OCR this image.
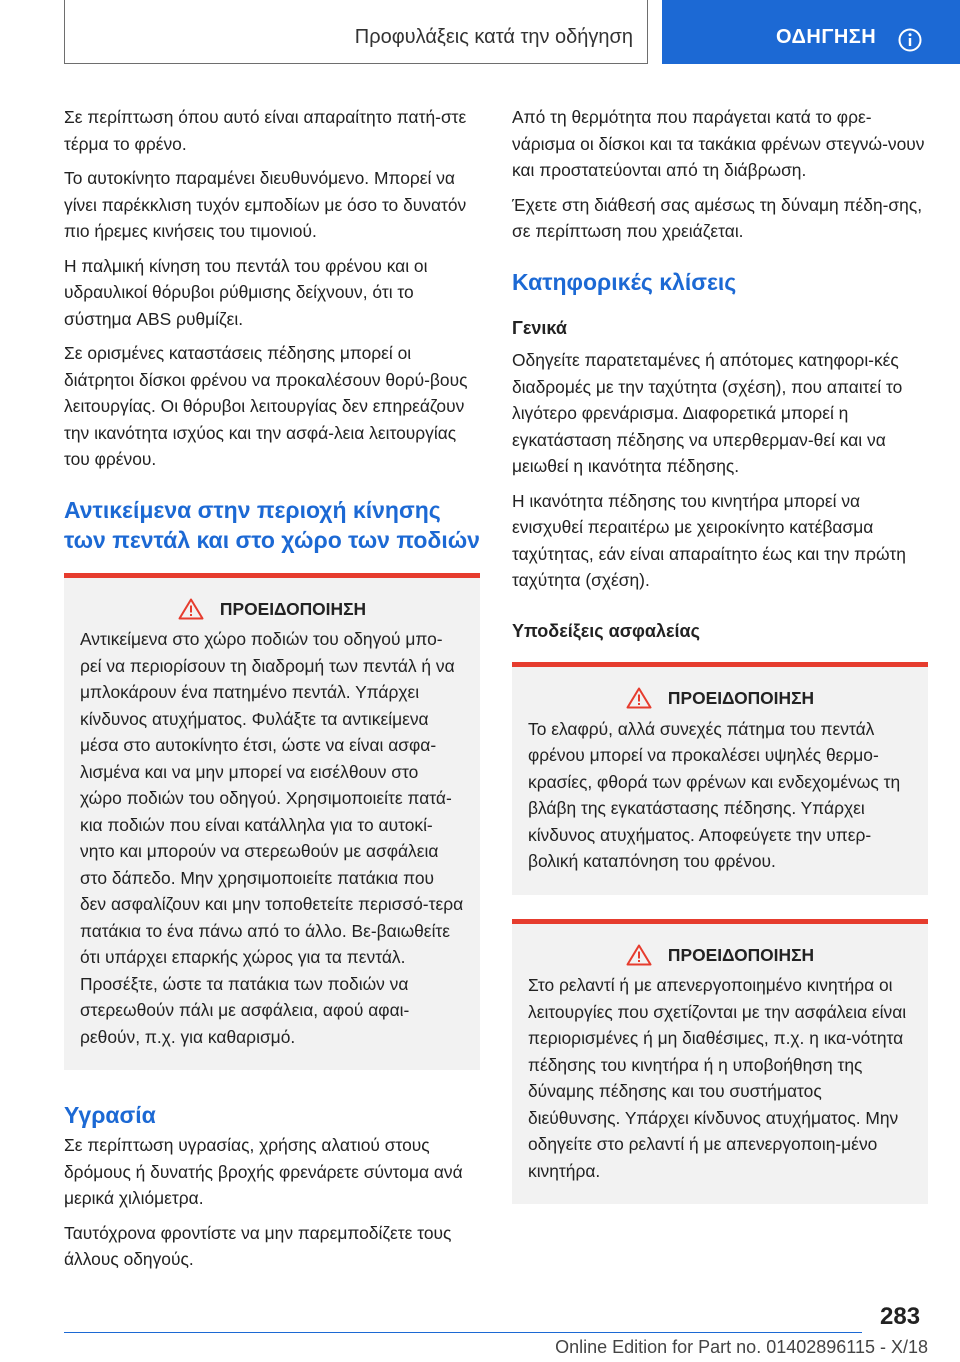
Προφυλάξεις κατά την οδήγηση	ΟΔΗΓΗΣΗ

Σε περίπτωση όπου αυτό είναι απαραίτητο πατή-στε τέρμα το φρένο.

Το αυτοκίνητο παραμένει διευθυνόμενο. Μπορεί να γίνει παρέκκλιση τυχόν εμποδίων με όσο το δυνατόν πιο ήρεμες κινήσεις του τιμονιού.

Η παλμική κίνηση του πεντάλ του φρένου και οι υδραυλικοί θόρυβοι ρύθμισης δείχνουν, ότι το σύστημα ABS ρυθμίζει.

Σε ορισμένες καταστάσεις πέδησης μπορεί οι διάτρητοι δίσκοι φρένου να προκαλέσουν θορύ-βους λειτουργίας. Οι θόρυβοι λειτουργίας δεν επηρεάζουν την ικανότητα ισχύος και την ασφά-λεια λειτουργίας του φρένου.

Αντικείμενα στην περιοχή κίνησης των πεντάλ και στο χώρο των ποδιών
ΠΡΟΕΙΔΟΠΟΙΗΣΗ

Αντικείμενα στο χώρο ποδιών του οδηγού μπο-ρεί να περιορίσουν τη διαδρομή των πεντάλ ή να μπλοκάρουν ένα πατημένο πεντάλ. Υπάρχει κίνδυνος ατυχήματος. Φυλάξτε τα αντικείμενα μέσα στο αυτοκίνητο έτσι, ώστε να είναι ασφα-λισμένα και να μην μπορεί να εισέλθουν στο χώρο ποδιών του οδηγού. Χρησιμοποιείτε πατά-κια ποδιών που είναι κατάλληλα για το αυτοκί-νητο και μπορούν να στερεωθούν με ασφάλεια στο δάπεδο. Μην χρησιμοποιείτε πατάκια που δεν ασφαλίζουν και μην τοποθετείτε περισσό-τερα πατάκια το ένα πάνω από το άλλο. Βε-βαιωθείτε ότι υπάρχει επαρκής χώρος για τα πεντάλ. Προσέξτε, ώστε τα πατάκια των ποδιών να στερεωθούν πάλι με ασφάλεια, αφού αφαι-ρεθούν, π.χ. για καθαρισμό.

Υγρασία

Σε περίπτωση υγρασίας, χρήσης αλατιού στους δρόμους ή δυνατής βροχής φρενάρετε σύντομα ανά μερικά χιλιόμετρα.

Ταυτόχρονα φροντίστε να μην παρεμποδίζετε τους άλλους οδηγούς.

Από τη θερμότητα που παράγεται κατά το φρε-νάρισμα οι δίσκοι και τα τακάκια φρένων στεγνώ-νουν και προστατεύονται από τη διάβρωση.

Έχετε στη διάθεσή σας αμέσως τη δύναμη πέδη-σης, σε περίπτωση που χρειάζεται.

Κατηφορικές κλίσεις
Γενικά

Οδηγείτε παρατεταμένες ή απότομες κατηφορι-κές διαδρομές με την ταχύτητα (σχέση), που απαιτεί το λιγότερο φρενάρισμα. Διαφορετικά μπορεί η εγκατάσταση πέδησης να υπερθερμαν-θεί και να μειωθεί η ικανότητα πέδησης.

Η ικανότητα πέδησης του κινητήρα μπορεί να ενισχυθεί περαιτέρω με χειροκίνητο κατέβασμα ταχύτητας, εάν είναι απαραίτητο έως και την πρώτη ταχύτητα (σχέση).

Υποδείξεις ασφαλείας
ΠΡΟΕΙΔΟΠΟΙΗΣΗ

Το ελαφρύ, αλλά συνεχές πάτημα του πεντάλ φρένου μπορεί να προκαλέσει υψηλές θερμο-κρασίες, φθορά των φρένων και ενδεχομένως τη βλάβη της εγκατάστασης πέδησης. Υπάρχει κίνδυνος ατυχήματος. Αποφεύγετε την υπερ-βολική καταπόνηση του φρένου.

ΠΡΟΕΙΔΟΠΟΙΗΣΗ

Στο ρελαντί ή με απενεργοποιημένο κινητήρα οι λειτουργίες που σχετίζονται με την ασφάλεια είναι περιορισμένες ή μη διαθέσιμες, π.χ. η ικα-νότητα πέδησης του κινητήρα ή η υποβοήθηση της δύναμης πέδησης και του συστήματος διεύθυνσης. Υπάρχει κίνδυνος ατυχήματος. Μην οδηγείτε στο ρελαντί ή με απενεργοποιη-μένο κινητήρα.

283
Online Edition for Part no. 01402896115 - X/18
